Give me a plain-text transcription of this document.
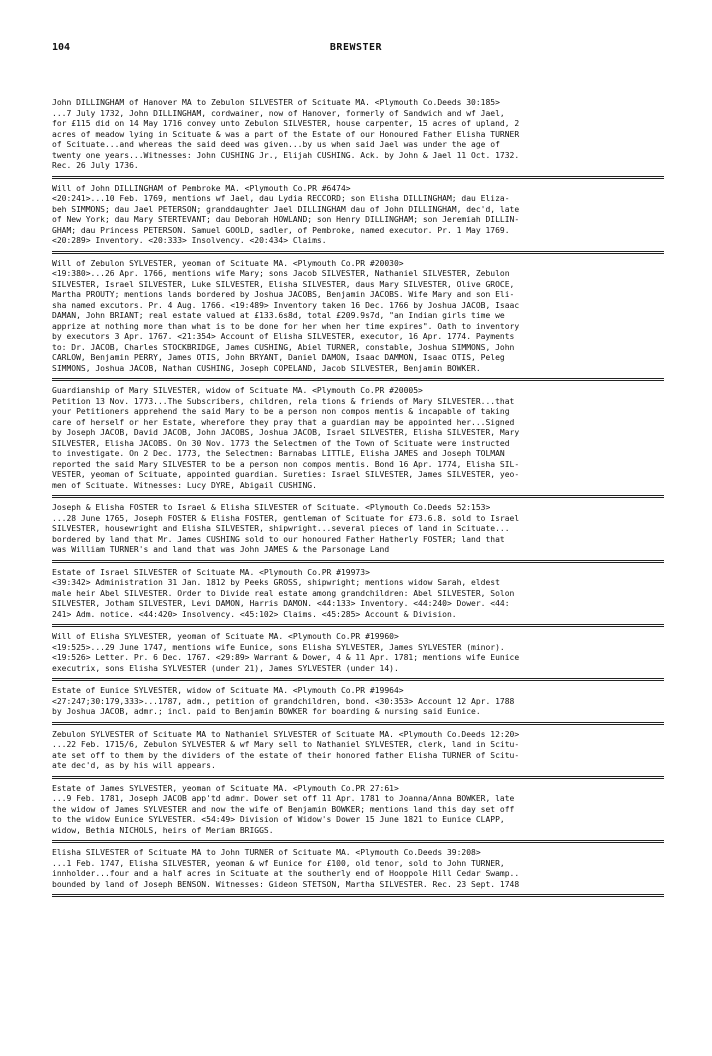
104	BREWSTER
John DILLINGHAM of Hanover MA to Zebulon SILVESTER of Scituate MA. <Plymouth Co.Deeds 30:185>
...7 July 1732, John DILLINGHAM, cordwainer, now of Hanover, formerly of Sandwich and wf Jael,
for £115 did on 14 May 1716 convey unto Zebulon SILVESTER, house carpenter, 15 acres of upland, 2
acres of meadow lying in Scituate & was a part of the Estate of our Honoured Father Elisha TURNER
of Scituate...and whereas the said deed was given...by us when said Jael was under the age of
twenty one years...Witnesses: John CUSHING Jr., Elijah CUSHING. Ack. by John & Jael 11 Oct. 1732.
Rec. 26 July 1736.
Will of John DILLINGHAM of Pembroke MA. <Plymouth Co.PR #6474>
<20:241>...10 Feb. 1769, mentions wf Jael, dau Lydia RECCORD; son Elisha DILLINGHAM; dau Eliza-
beh SIMMONS; dau Jael PETERSON; granddaughter Jael DILLINGHAM dau of John DILLINGHAM, dec'd, late
of New York; dau Mary STERTEVANT; dau Deborah HOWLAND; son Henry DILLINGHAM; son Jeremiah DILLIN-
GHAM; dau Princess PETERSON. Samuel GOOLD, sadler, of Pembroke, named executor. Pr. 1 May 1769.
<20:289> Inventory. <20:333> Insolvency. <20:434> Claims.
Will of Zebulon SYLVESTER, yeoman of Scituate MA. <Plymouth Co.PR #20030>
<19:380>...26 Apr. 1766, mentions wife Mary; sons Jacob SILVESTER, Nathaniel SILVESTER, Zebulon
SILVESTER, Israel SILVESTER, Luke SILVESTER, Elisha SILVESTER, daus Mary SILVESTER, Olive GROCE,
Martha PROUTY; mentions lands bordered by Joshua JACOBS, Benjamin JACOBS. Wife Mary and son Eli-
sha named excutors. Pr. 4 Aug. 1766. <19:489> Inventory taken 16 Dec. 1766 by Joshua JACOB, Isaac
DAMAN, John BRIANT; real estate valued at £133.6s8d, total £209.9s7d, "an Indian girls time we
apprize at nothing more than what is to be done for her when her time expires". Oath to inventory
by executors 3 Apr. 1767. <21:354> Account of Elisha SILVESTER, executor, 16 Apr. 1774. Payments
to: Dr. JACOB, Charles STOCKBRIDGE, James CUSHING, Abiel TURNER, constable, Joshua SIMMONS, John
CARLOW, Benjamin PERRY, James OTIS, John BRYANT, Daniel DAMON, Isaac DAMMON, Isaac OTIS, Peleg
SIMMONS, Joshua JACOB, Nathan CUSHING, Joseph COPELAND, Jacob SILVESTER, Benjamin BOWKER.
Guardianship of Mary SILVESTER, widow of Scituate MA. <Plymouth Co.PR #20005>
Petition 13 Nov. 1773...The Subscribers, children, rela tions & friends of Mary SILVESTER...that
your Petitioners apprehend the said Mary to be a person non compos mentis & incapable of taking
care of herself or her Estate, wherefore they pray that a guardian may be appointed her...Signed
by Joseph JACOB, David JACOB, John JACOBS, Joshua JACOB, Israel SILVESTER, Elisha SILVESTER, Mary
SILVESTER, Elisha JACOBS. On 30 Nov. 1773 the Selectmen of the Town of Scituate were instructed
to investigate. On 2 Dec. 1773, the Selectmen: Barnabas LITTLE, Elisha JAMES and Joseph TOLMAN
reported the said Mary SILVESTER to be a person non compos mentis. Bond 16 Apr. 1774, Elisha SIL-
VESTER, yeoman of Scituate, appointed guardian. Sureties: Israel SILVESTER, James SILVESTER, yeo-
men of Scituate. Witnesses: Lucy DYRE, Abigail CUSHING.
Joseph & Elisha FOSTER to Israel & Elisha SILVESTER of Scituate. <Plymouth Co.Deeds 52:153>
...28 June 1765, Joseph FOSTER & Elisha FOSTER, gentleman of Scituate for £73.6.8. sold to Israel
SILVESTER, housewright and Elisha SILVESTER, shipwright...several pieces of land in Scituate...
bordered by land that Mr. James CUSHING sold to our honoured Father Hatherly FOSTER; land that
was William TURNER's and land that was John JAMES & the Parsonage Land
Estate of Israel SILVESTER of Scituate MA. <Plymouth Co.PR #19973>
<39:342> Administration 31 Jan. 1812 by Peeks GROSS, shipwright; mentions widow Sarah, eldest
male heir Abel SILVESTER. Order to Divide real estate among grandchildren: Abel SILVESTER, Solon
SILVESTER, Jotham SILVESTER, Levi DAMON, Harris DAMON. <44:133> Inventory. <44:240> Dower. <44:
241> Adm. notice. <44:420> Insolvency. <45:102> Claims. <45:285> Account & Division.
Will of Elisha SYLVESTER, yeoman of Scituate MA. <Plymouth Co.PR #19960>
<19:525>...29 June 1747, mentions wife Eunice, sons Elisha SYLVESTER, James SYLVESTER (minor).
<19:526> Letter. Pr. 6 Dec. 1767. <29:89> Warrant & Dower, 4 & 11 Apr. 1781; mentions wife Eunice
executrix, sons Elisha SYLVESTER (under 21), James SYLVESTER (under 14).
Estate of Eunice SYLVESTER, widow of Scituate MA. <Plymouth Co.PR #19964>
<27:247;30:179,333>...1787, adm., petition of grandchildren, bond. <30:353> Account 12 Apr. 1788
by Joshua JACOB, admr.; incl. paid to Benjamin BOWKER for boarding & nursing said Eunice.
Zebulon SYLVESTER of Scituate MA to Nathaniel SYLVESTER of Scituate MA. <Plymouth Co.Deeds 12:20>
...22 Feb. 1715/6, Zebulon SYLVESTER & wf Mary sell to Nathaniel SYLVESTER, clerk, land in Scitu-
ate set off to them by the dividers of the estate of their honored father Elisha TURNER of Scitu-
ate dec'd, as by his will appears.
Estate of James SYLVESTER, yeoman of Scituate MA. <Plymouth Co.PR 27:61>
...9 Feb. 1781, Joseph JACOB app'td admr. Dower set off 11 Apr. 1781 to Joanna/Anna BOWKER, late
the widow of James SYLVESTER and now the wife of Benjamin BOWKER; mentions land this day set off
to the widow Eunice SYLVESTER. <54:49> Division of Widow's Dower 15 June 1821 to Eunice CLAPP,
widow, Bethia NICHOLS, heirs of Meriam BRIGGS.
Elisha SILVESTER of Scituate MA to John TURNER of Scituate MA. <Plymouth Co.Deeds 39:208>
...1 Feb. 1747, Elisha SILVESTER, yeoman & wf Eunice for £100, old tenor, sold to John TURNER,
innholder...four and a half acres in Scituate at the southerly end of Hooppole Hill Cedar Swamp..
bounded by land of Joseph BENSON. Witnesses: Gideon STETSON, Martha SILVESTER. Rec. 23 Sept. 1748
